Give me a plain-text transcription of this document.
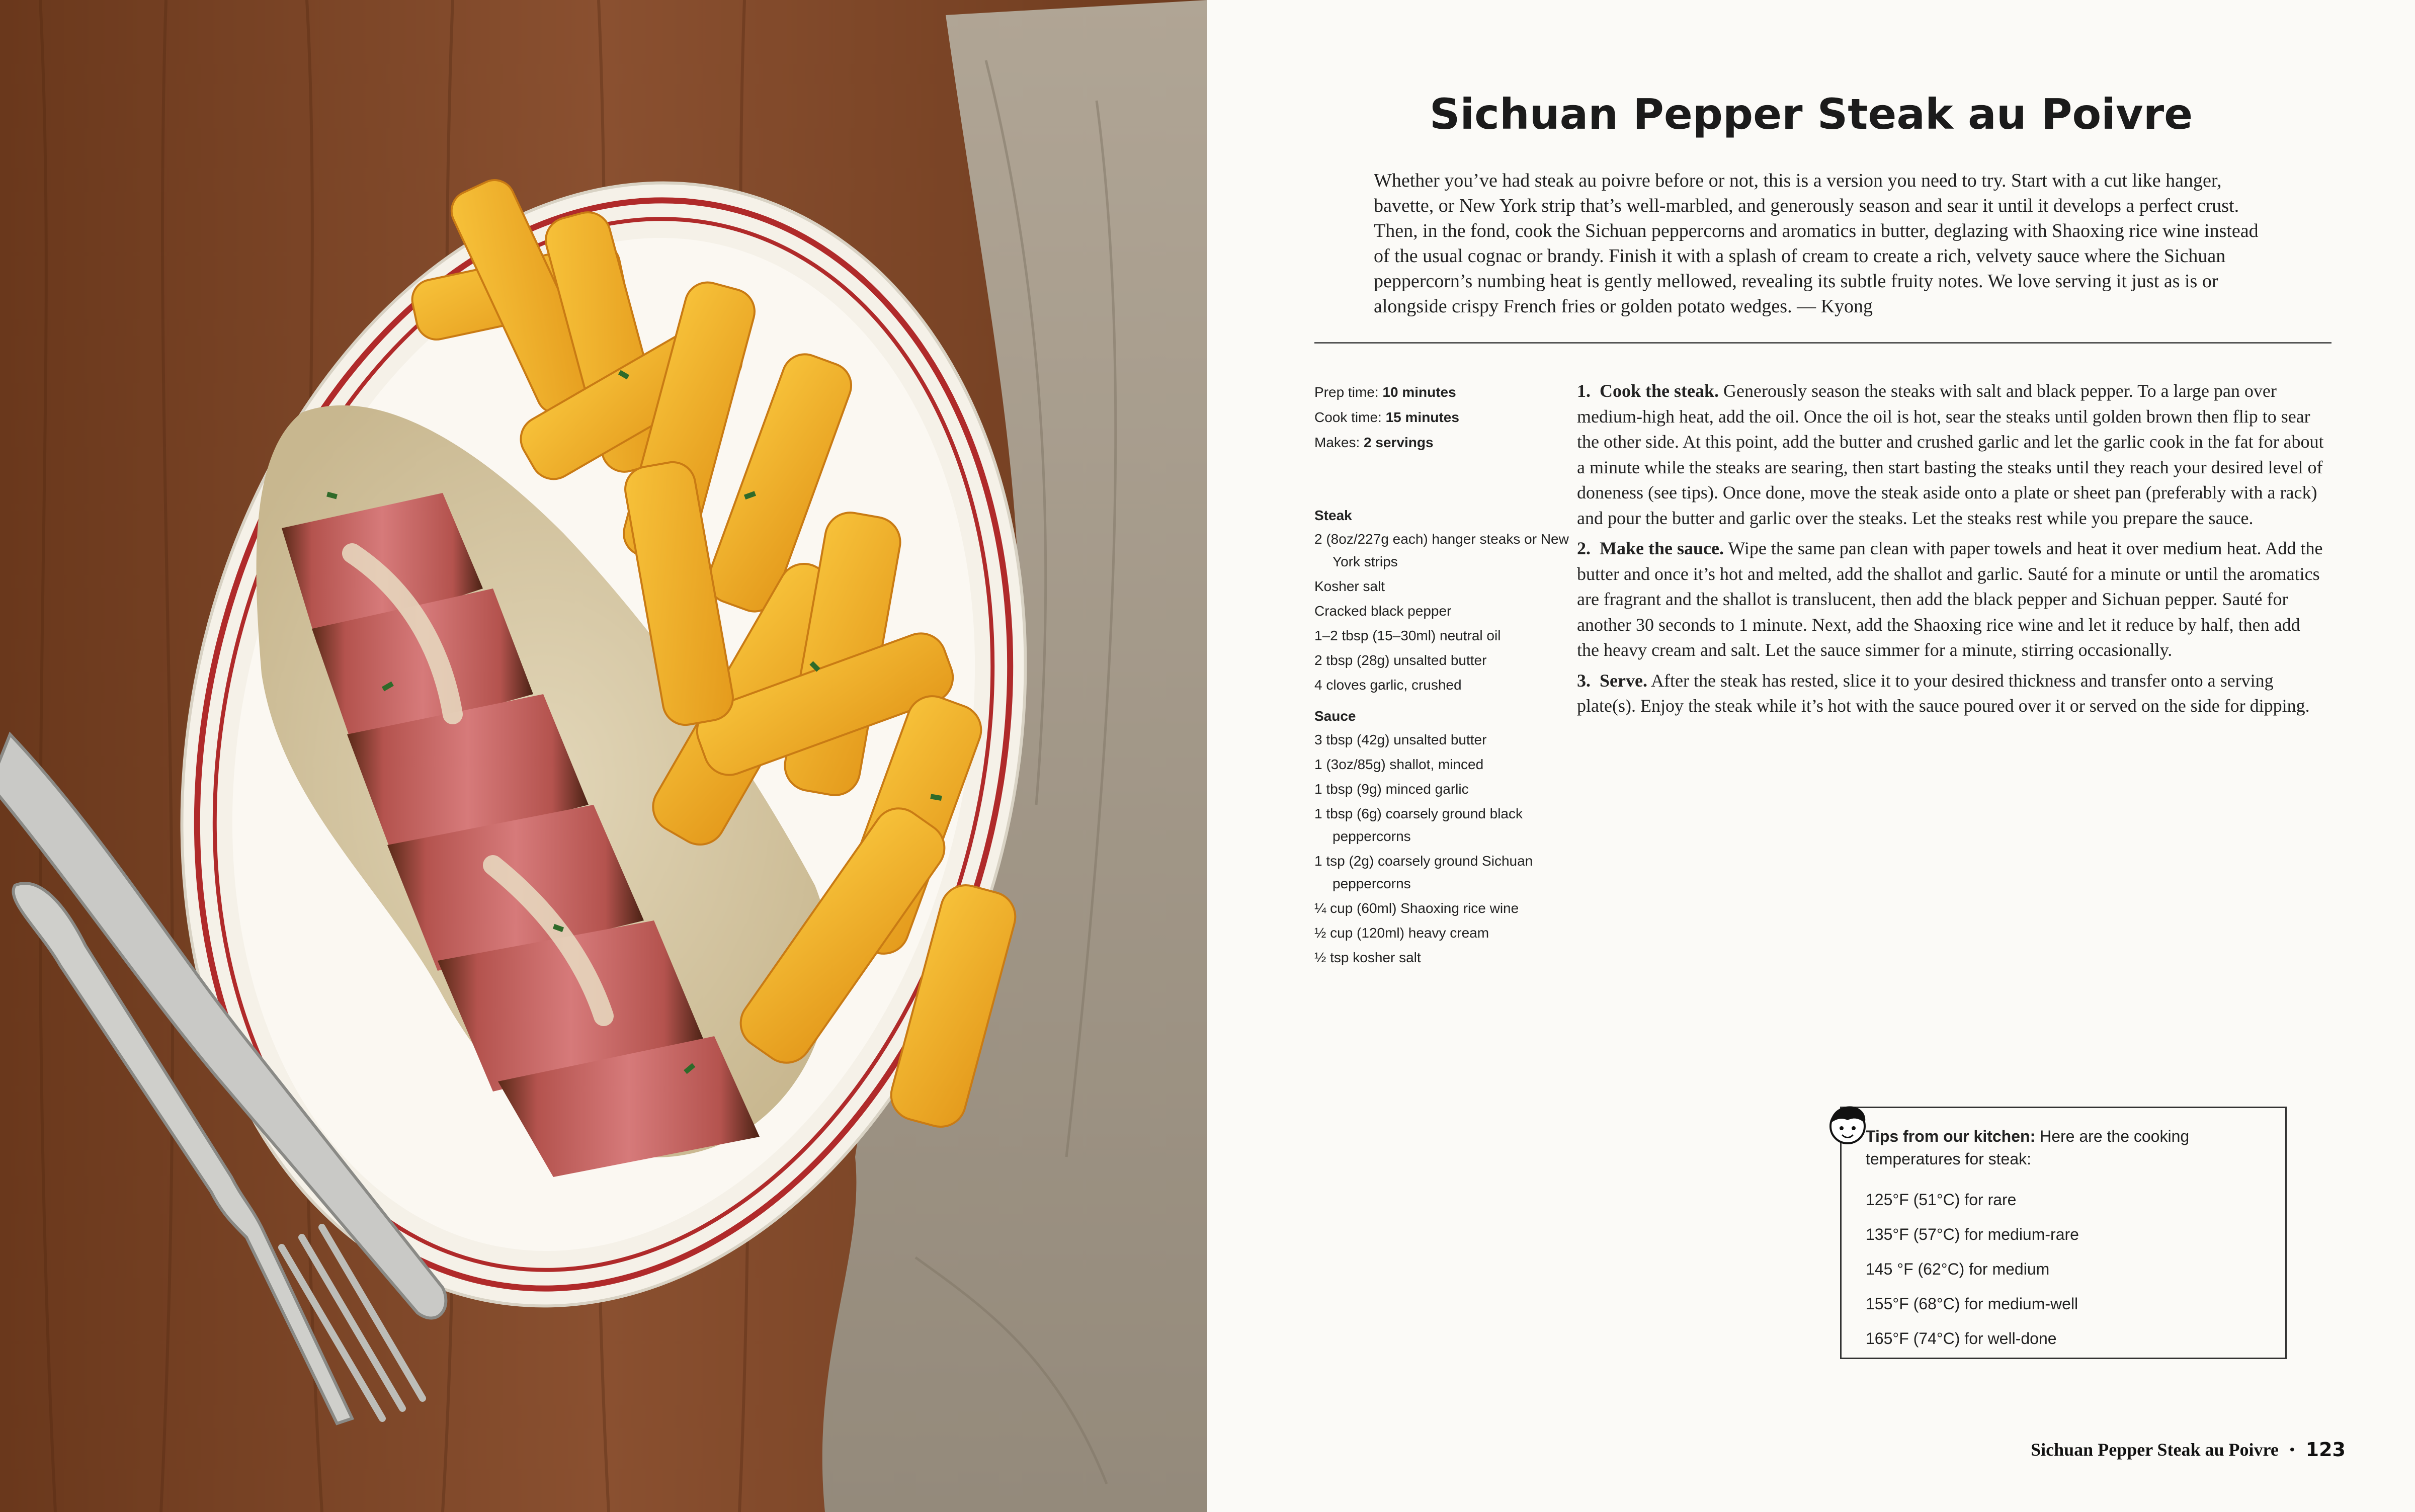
Sichuan Pepper Steak au Poivre

Whether you’ve had steak au poivre before or not, this is a version you need to try. Start with a cut like hanger, bavette, or New York strip that’s well-marbled, and generously season and sear it until it develops a perfect crust. Then, in the fond, cook the Sichuan peppercorns and aromatics in butter, deglazing with Shaoxing rice wine instead of the usual cognac or brandy. Finish it with a splash of cream to create a rich, velvety sauce where the Sichuan peppercorn’s numbing heat is gently mellowed, revealing its subtle fruity notes. We love serving it just as is or alongside crispy French fries or golden potato wedges. — Kyong

Prep time: 10 minutes
Cook time: 15 minutes
Makes: 2 servings

Steak

2 (8oz/227g each) hanger steaks or New York strips
Kosher salt
Cracked black pepper
1–2 tbsp (15–30ml) neutral oil
2 tbsp (28g) unsalted butter
4 cloves garlic, crushed

Sauce

3 tbsp (42g) unsalted butter
1 (3oz/85g) shallot, minced
1 tbsp (9g) minced garlic
1 tbsp (6g) coarsely ground black peppercorns
1 tsp (2g) coarsely ground Sichuan peppercorns
¼ cup (60ml) Shaoxing rice wine
½ cup (120ml) heavy cream
½ tsp kosher salt

1. Cook the steak. Generously season the steaks with salt and black pepper. To a large pan over medium-high heat, add the oil. Once the oil is hot, sear the steaks until golden brown then flip to sear the other side. At this point, add the butter and crushed garlic and let the garlic cook in the fat for about a minute while the steaks are searing, then start basting the steaks until they reach your desired level of doneness (see tips). Once done, move the steak aside onto a plate or sheet pan (preferably with a rack) and pour the butter and garlic over the steaks. Let the steaks rest while you prepare the sauce.

2. Make the sauce. Wipe the same pan clean with paper towels and heat it over medium heat. Add the butter and once it’s hot and melted, add the shallot and garlic. Sauté for a minute or until the aromatics are fragrant and the shallot is translucent, then add the black pepper and Sichuan pepper. Sauté for another 30 seconds to 1 minute. Next, add the Shaoxing rice wine and let it reduce by half, then add the heavy cream and salt. Let the sauce simmer for a minute, stirring occasionally.

3. Serve. After the steak has rested, slice it to your desired thickness and transfer onto a serving plate(s). Enjoy the steak while it’s hot with the sauce poured over it or served on the side for dipping.

Tips from our kitchen: Here are the cooking temperatures for steak:
125°F (51°C) for rare
135°F (57°C) for medium-rare
145 °F (62°C) for medium
155°F (68°C) for medium-well
165°F (74°C) for well-done
Sichuan Pepper Steak au Poivre • 123
